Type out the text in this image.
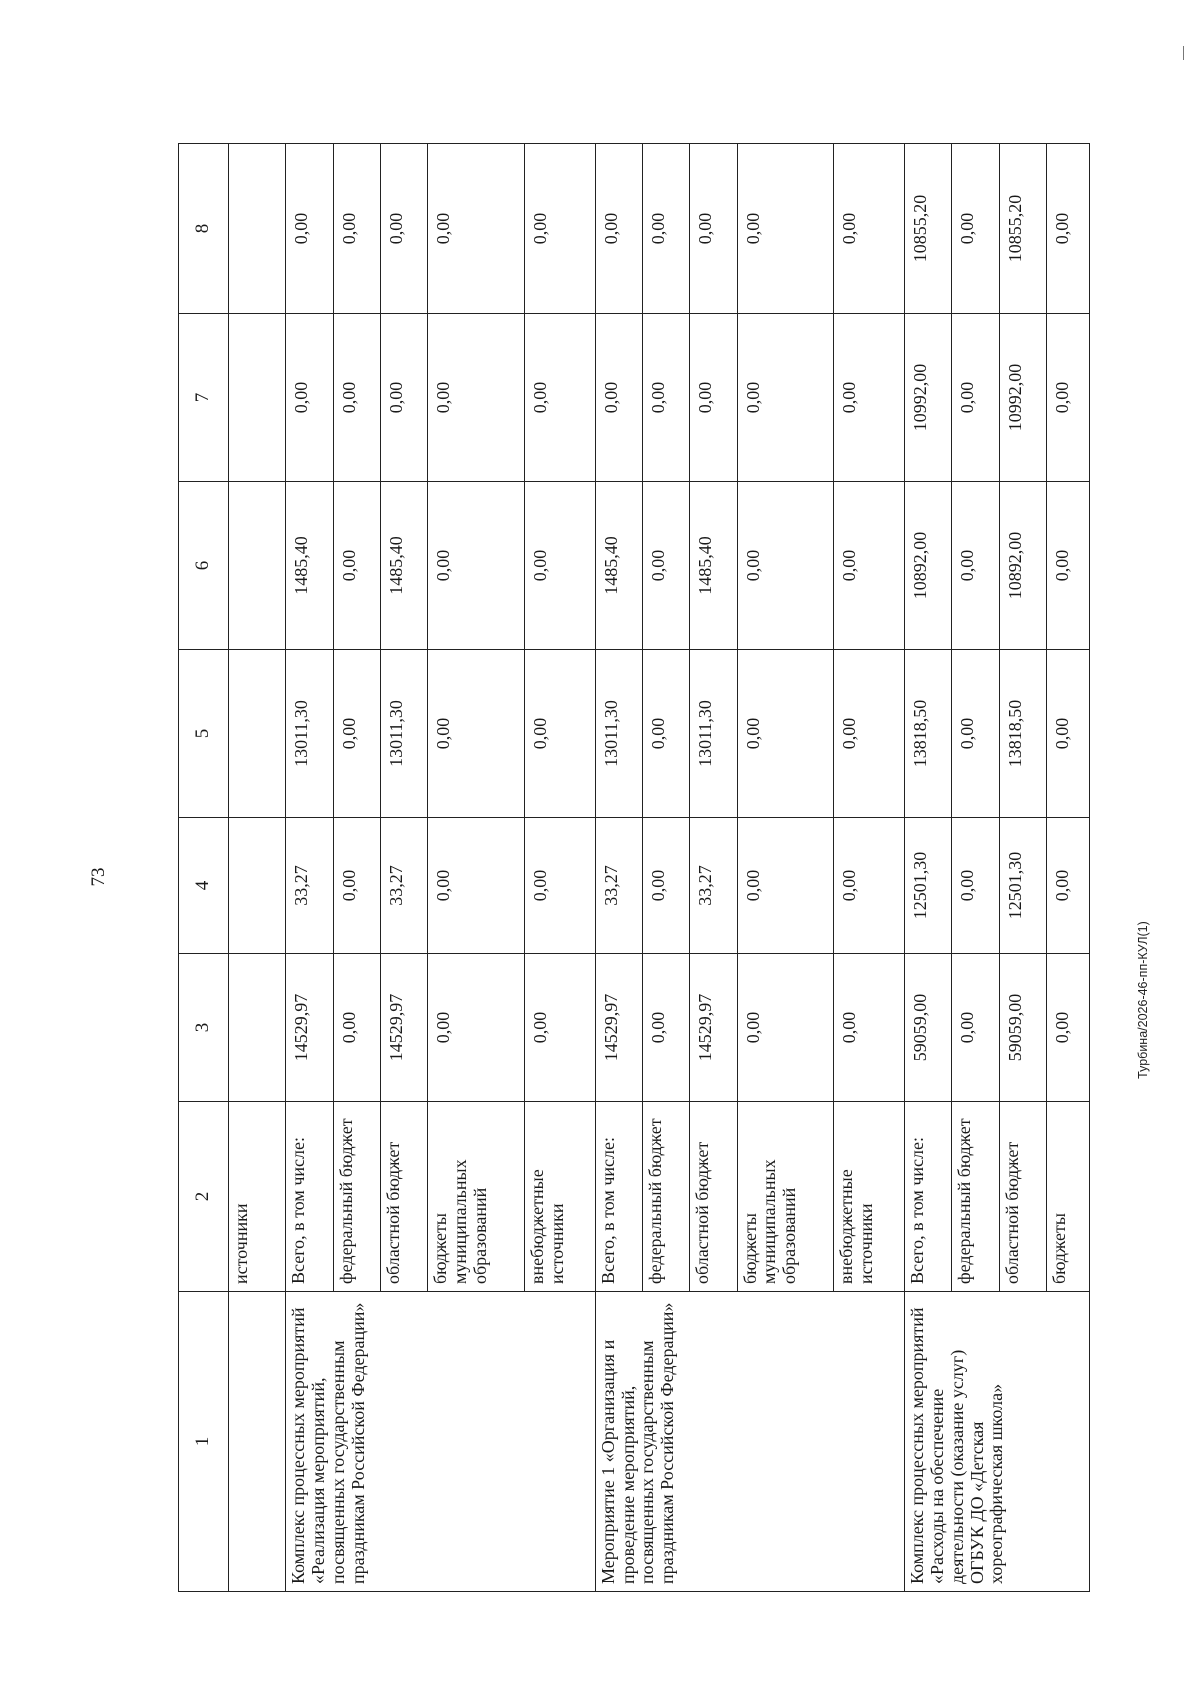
73
1	2	3	4	5	6	7	8
	источники						
Комплекс процессных мероприятий «Реализация мероприятий, посвященных государственным праздникам Российской Федерации»	Всего, в том числе:	14529,97	33,27	13011,30	1485,40	0,00	0,00
	федеральный бюджет	0,00	0,00	0,00	0,00	0,00	0,00
	областной бюджет	14529,97	33,27	13011,30	1485,40	0,00	0,00
	бюджеты муниципальных образований	0,00	0,00	0,00	0,00	0,00	0,00
	внебюджетные источники	0,00	0,00	0,00	0,00	0,00	0,00
Мероприятие 1 «Организация и проведение мероприятий, посвященных государственным праздникам Российской Федерации»	Всего, в том числе:	14529,97	33,27	13011,30	1485,40	0,00	0,00
	федеральный бюджет	0,00	0,00	0,00	0,00	0,00	0,00
	областной бюджет	14529,97	33,27	13011,30	1485,40	0,00	0,00
	бюджеты муниципальных образований	0,00	0,00	0,00	0,00	0,00	0,00
	внебюджетные источники	0,00	0,00	0,00	0,00	0,00	0,00
Комплекс процессных мероприятий «Расходы на обеспечение деятельности (оказание услуг) ОГБУК ДО «Детская хореографическая школа»	Всего, в том числе:	59059,00	12501,30	13818,50	10892,00	10992,00	10855,20
	федеральный бюджет	0,00	0,00	0,00	0,00	0,00	0,00
	областной бюджет	59059,00	12501,30	13818,50	10892,00	10992,00	10855,20
	бюджеты	0,00	0,00	0,00	0,00	0,00	0,00
Турбина/2026-46-пп-КУЛ(1)
